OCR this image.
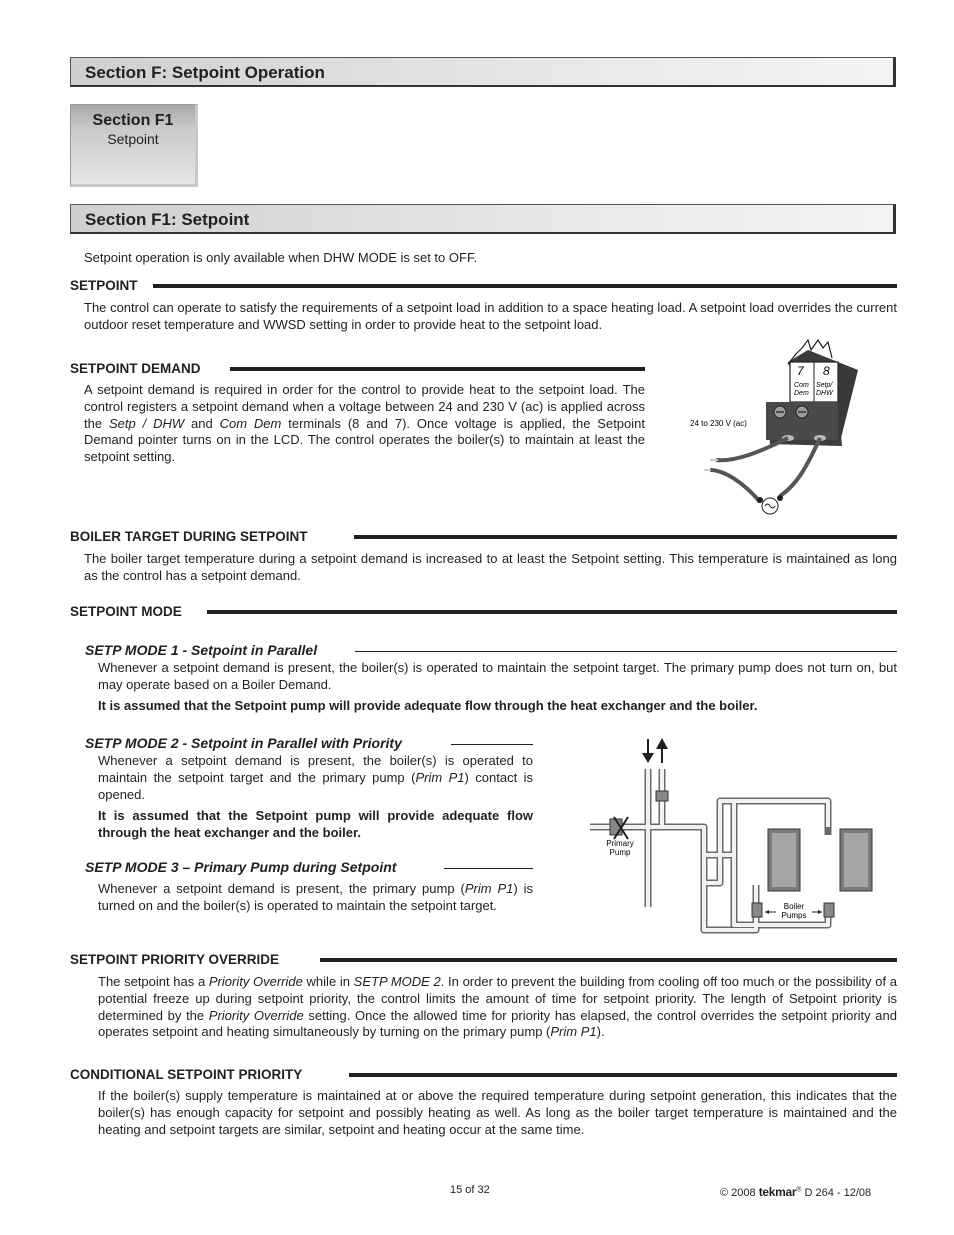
Section F: Setpoint Operation
Section F1
Setpoint
Section F1: Setpoint

Setpoint operation is only available when DHW MODE is set to OFF.

SETPOINT

The control can operate to satisfy the requirements of a setpoint load in addition to a space heating load. A setpoint load overrides the current outdoor reset temperature and WWSD setting in order to provide heat to the setpoint load.

SETPOINT DEMAND

A setpoint demand is required in order for the control to provide heat to the setpoint load. The control registers a setpoint demand when a voltage between 24 and 230 V (ac) is applied across the Setp / DHW and Com Dem terminals (8 and 7). Once voltage is applied, the Setpoint Demand pointer turns on in the LCD. The control operates the boiler(s) to maintain at least the setpoint setting.

7 8
Com
Dem
Setp/
DHW
24 to 230 V (ac)
BOILER TARGET DURING SETPOINT

The boiler target temperature during a setpoint demand is increased to at least the Setpoint setting. This temperature is maintained as long as the control has a setpoint demand.

SETPOINT MODE
SETP MODE 1 - Setpoint in Parallel

Whenever a setpoint demand is present, the boiler(s) is operated to maintain the setpoint target. The primary pump does not turn on, but may operate based on a Boiler Demand.

It is assumed that the Setpoint pump will provide adequate flow through the heat exchanger and the boiler.

SETP MODE 2 - Setpoint in Parallel with Priority

Whenever a setpoint demand is present, the boiler(s) is operated to maintain the setpoint target and the primary pump (Prim P1) contact is opened.

It is assumed that the Setpoint pump will provide adequate flow through the heat exchanger and the boiler.

SETP MODE 3 – Primary Pump during Setpoint

Whenever a setpoint demand is present, the primary pump (Prim P1) is turned on and the boiler(s) is operated to maintain the setpoint target.

Primary
Pump
Boiler
Pumps
SETPOINT PRIORITY OVERRIDE

The setpoint has a Priority Override while in SETP MODE 2. In order to prevent the building from cooling off too much or the possibility of a potential freeze up during setpoint priority, the control limits the amount of time for setpoint priority. The length of Setpoint priority is determined by the Priority Override setting. Once the allowed time for priority has elapsed, the control overrides the setpoint priority and operates setpoint and heating simultaneously by turning on the primary pump (Prim P1).

CONDITIONAL SETPOINT PRIORITY

If the boiler(s) supply temperature is maintained at or above the required temperature during setpoint generation, this indicates that the boiler(s) has enough capacity for setpoint and possibly heating as well. As long as the boiler target temperature is maintained and the heating and setpoint targets are similar, setpoint and heating occur at the same time.

15 of 32	© 2008 tekmar® D 264 - 12/08
